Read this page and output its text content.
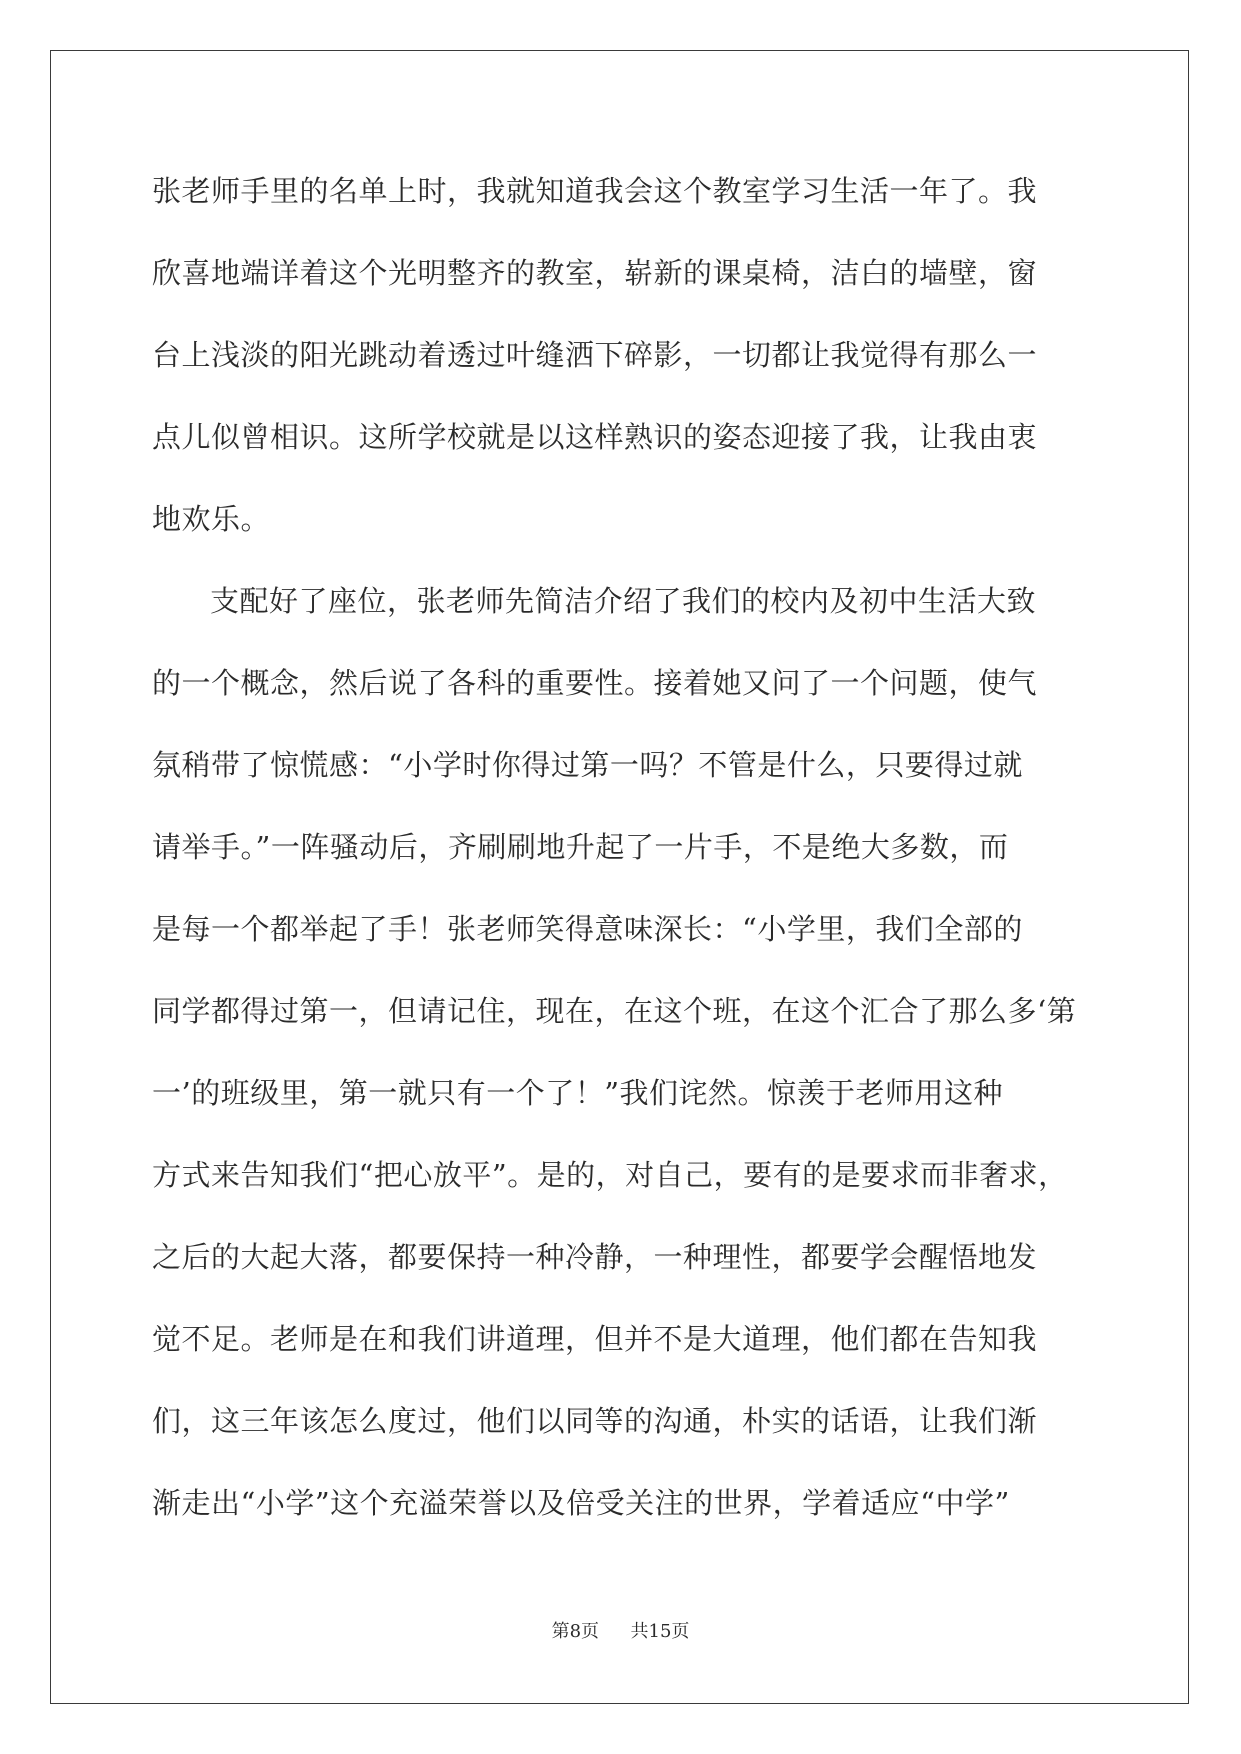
张老师手里的名单上时，我就知道我会这个教室学习生活一年了。我
欣喜地端详着这个光明整齐的教室，崭新的课桌椅，洁白的墙壁，窗
台上浅淡的阳光跳动着透过叶缝洒下碎影，一切都让我觉得有那么一
点儿似曾相识。这所学校就是以这样熟识的姿态迎接了我，让我由衷
地欢乐。
支配好了座位，张老师先简洁介绍了我们的校内及初中生活大致
的一个概念，然后说了各科的重要性。接着她又问了一个问题，使气
氛稍带了惊慌感：“小学时你得过第一吗？不管是什么，只要得过就
请举手。”一阵骚动后，齐刷刷地升起了一片手，不是绝大多数，而
是每一个都举起了手！张老师笑得意味深长：“小学里，我们全部的
同学都得过第一，但请记住，现在，在这个班，在这个汇合了那么多‘第
一’的班级里，第一就只有一个了！”我们诧然。惊羡于老师用这种
方式来告知我们“把心放平”。是的，对自己，要有的是要求而非奢求，
之后的大起大落，都要保持一种冷静，一种理性，都要学会醒悟地发
觉不足。老师是在和我们讲道理，但并不是大道理，他们都在告知我
们，这三年该怎么度过，他们以同等的沟通，朴实的话语，让我们渐
渐走出“小学”这个充溢荣誉以及倍受关注的世界，学着适应“中学”
第8页 共15页
